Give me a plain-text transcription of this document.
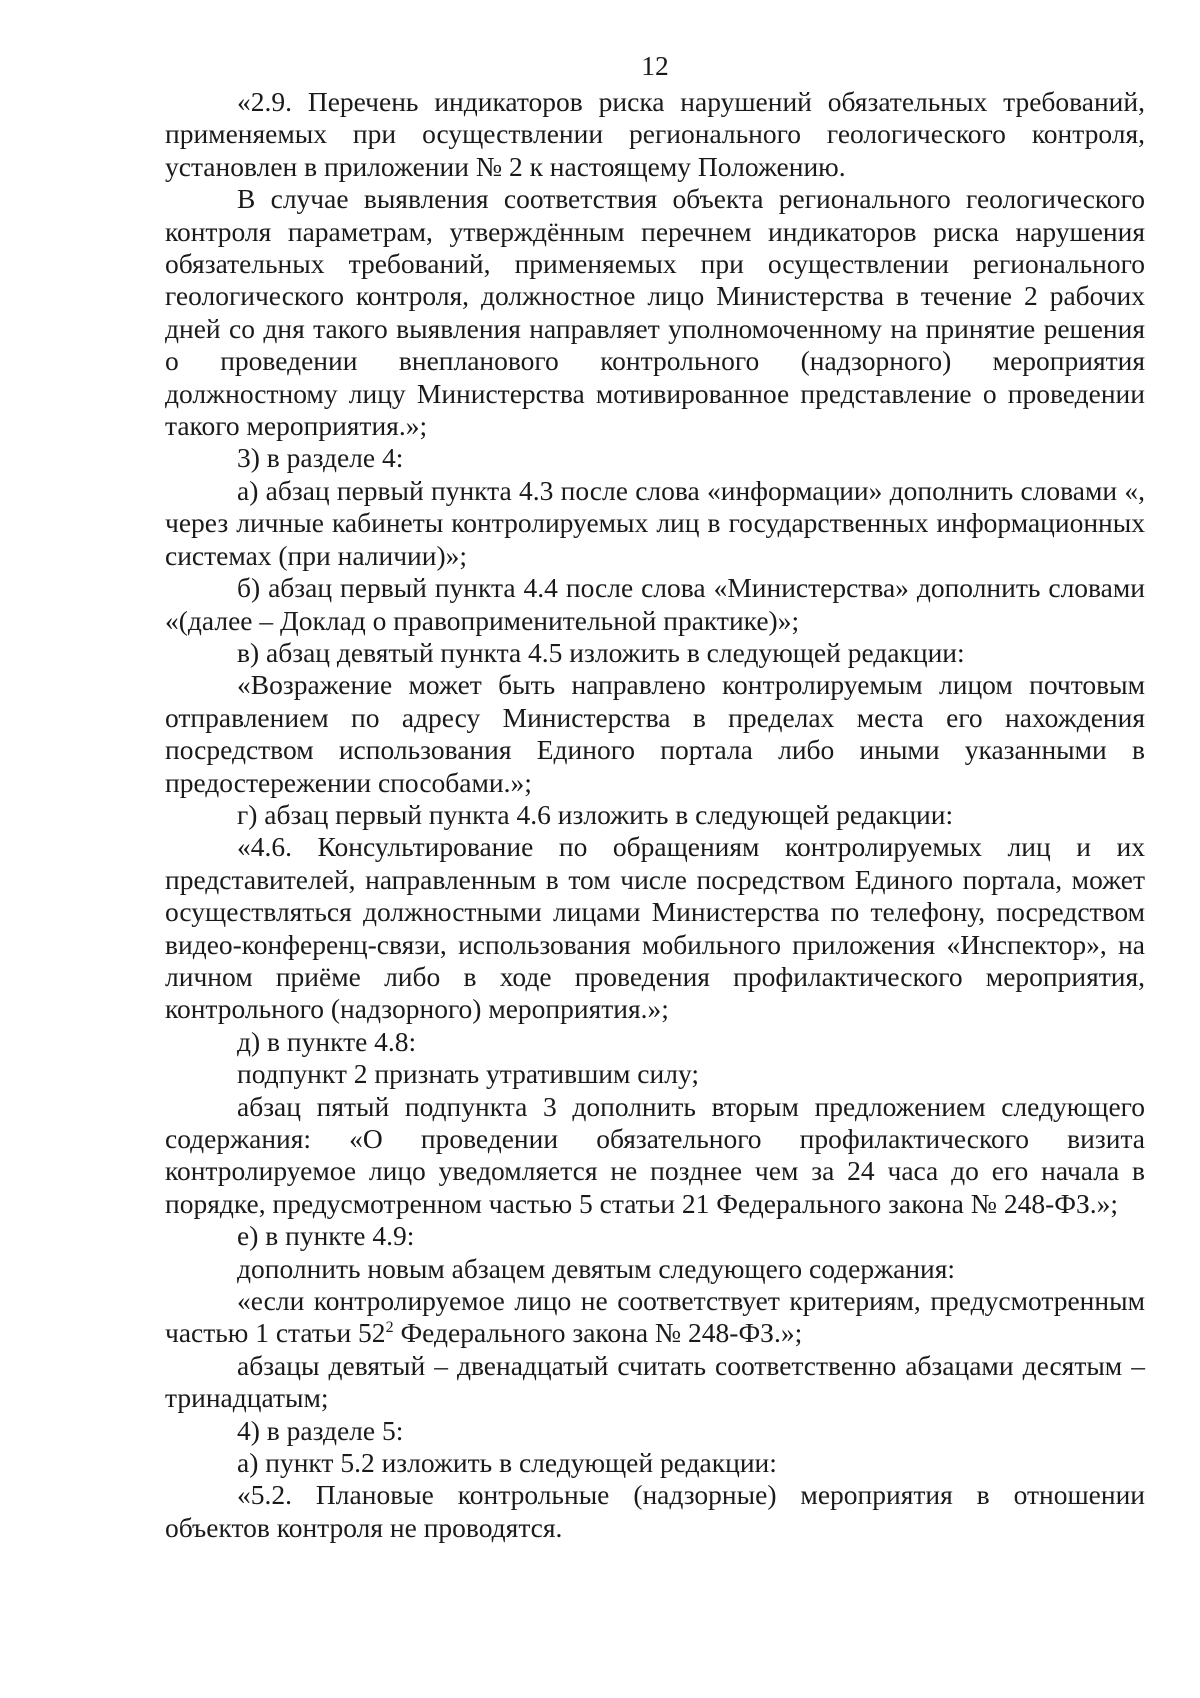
12

«2.9. Перечень индикаторов риска нарушений обязательных требований, применяемых при осуществлении регионального геологического контроля, установлен в приложении № 2 к настоящему Положению.

В случае выявления соответствия объекта регионального геологического контроля параметрам, утверждённым перечнем индикаторов риска нарушения обязательных требований, применяемых при осуществлении регионального геологического контроля, должностное лицо Министерства в течение 2 рабочих дней со дня такого выявления направляет уполномоченному на принятие решения о проведении внепланового контрольного (надзорного) мероприятия должностному лицу Министерства мотивированное представление о проведении такого мероприятия.»;

3) в разделе 4:

а) абзац первый пункта 4.3 после слова «информации» дополнить словами «, через личные кабинеты контролируемых лиц в государственных информационных системах (при наличии)»;

б) абзац первый пункта 4.4 после слова «Министерства» дополнить словами «(далее – Доклад о правоприменительной практике)»;

в) абзац девятый пункта 4.5 изложить в следующей редакции:

«Возражение может быть направлено контролируемым лицом почтовым отправлением по адресу Министерства в пределах места его нахождения посредством использования Единого портала либо иными указанными в предостережении способами.»;

г) абзац первый пункта 4.6 изложить в следующей редакции:

«4.6. Консультирование по обращениям контролируемых лиц и их представителей, направленным в том числе посредством Единого портала, может осуществляться должностными лицами Министерства по телефону, посредством видео-конференц-связи, использования мобильного приложения «Инспектор», на личном приёме либо в ходе проведения профилактического мероприятия, контрольного (надзорного) мероприятия.»;

д) в пункте 4.8:

подпункт 2 признать утратившим силу;

абзац пятый подпункта 3 дополнить вторым предложением следующего содержания: «О проведении обязательного профилактического визита контролируемое лицо уведомляется не позднее чем за 24 часа до его начала в порядке, предусмотренном частью 5 статьи 21 Федерального закона № 248-ФЗ.»;

е) в пункте 4.9:

дополнить новым абзацем девятым следующего содержания:

«если контролируемое лицо не соответствует критериям, предусмотренным частью 1 статьи $52^2$ Федерального закона № 248-ФЗ.»;

абзацы девятый – двенадцатый считать соответственно абзацами десятым – тринадцатым;

4) в разделе 5:

а) пункт 5.2 изложить в следующей редакции:

«5.2. Плановые контрольные (надзорные) мероприятия в отношении объектов контроля не проводятся.
